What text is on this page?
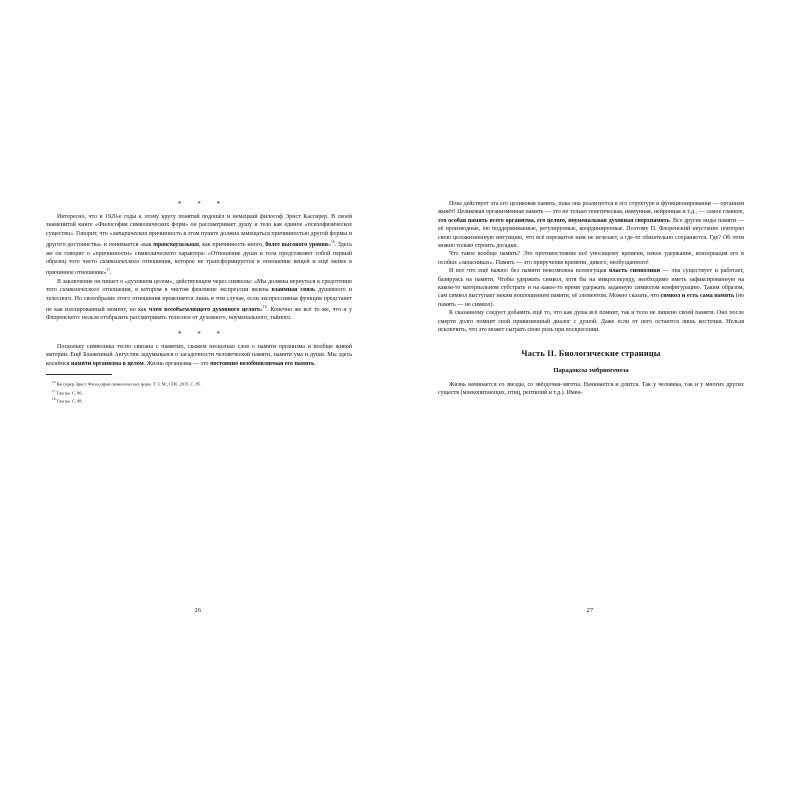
* * *

Интересно, что в 1920-е годы к этому кругу понятий подошёл и немецкий философ Эрнст Кассирер. В своей знаменитой книге «Философия символических форм» он рассматривает душу и тело как единое «психофизическое существо». Говорит, что «эмпирическая причинность в этом пункте должна замещаться причинностью другой формы и другого достоинства» и понимается «как транскаузальная, как причинность иного, более высокого уровня»$^{16}$. Здесь же он говорит о «причинности» символического характера: «Отношение души и тела представляет собой первый образец того чисто символического отношения, которое не трансформируется в отношение вещей и ещё менее в причинное отношение»$^{17}$.

В заключение он пишет о «духовном целом», действующем через символы: «Мы должны вернуться к средоточию того символического отношения, в котором в чистом феномене экспрессии явлена взаимная связь душевного и телесного. Но своеобразие этого отношения проясняется лишь в том случае, если экспрессивная функция предстанет не как изолированный момент, но как член всеобъемлющего духовного целого»$^{18}$. Конечно же всё то же, что и у Флоренского: нельзя отобразить рассматривать телесное от духовного, ноуменального, тайного.

* * *

Поскольку символика тесно связана с памятью, скажем несколько слов о памяти организма и вообще живой материи. Ещё Блаженный Августин задумывался о загадочности человеческой памяти, памяти ума и души. Мы здесь коснёмся памяти организма в целом. Жизнь организма — это постоянно возобновляемая его память.

$^{16}$ Кассирер Эрнст. Философия символических форм. Т. 3. М.; СПб, 2015. С. 85.

$^{17}$ Там же. С. 86.

$^{18}$ Там же. С. 88.

26

Пока действует эта его целиковая память, пока она реализуется в его структуре и функционировании — организм живёт! Целиковая организменная память — это не только генетическая, иммунная, нейронная и т.д., — самое главное, это особая память всего организма, его целого, ноуменальная духовная сверхпамять. Все другие виды памяти — её производные, ею поддерживаемые, регулируемые, координируемые. Поэтому П. Флоренский неустанно повторял свою целожизненную интуицию, что всё пережитое ним не исчезает, а где-то обязательно сохраняется. Где? Об этом можно только строить догадки.

Что такое вообще память? Это противостояние всё уносящему времени, некое удержание, консервация его в особых «запасниках». Память — это приручение времени, дикого, необузданного!

И вот что ещё важно: без памяти невозможна всемогущая власть символики — она существует и работает, базируясь на памяти. Чтобы удержать символ, хотя бы на микросекунду, необходимо иметь зафиксированную на каком-то материальном субстрате и на какое-то время удержать заданную символом конфигурацию. Таким образом, сам символ выступает неким воплощением памяти, её элементом. Можно сказать, что символ и есть сама память (но память — не символ).

К сказанному следует добавить ещё то, что как душа всё помнит, так и тело не лишено своей памяти. Оно после смерти долго помнит свой привязненный диалог с душой. Даже если от него остаются лишь косточки. Нельзя исключить, что это может сыграть свою роль при воскресении.

Часть II. Биологические страницы
Парадоксы эмбриогенеза

Жизнь начинается со звезды, со звёздочки-зиготы. Начинается и длится. Так у человека, так и у многих других существ (млекопитающих, птиц, рептилий и т.д.). Имен-

27
